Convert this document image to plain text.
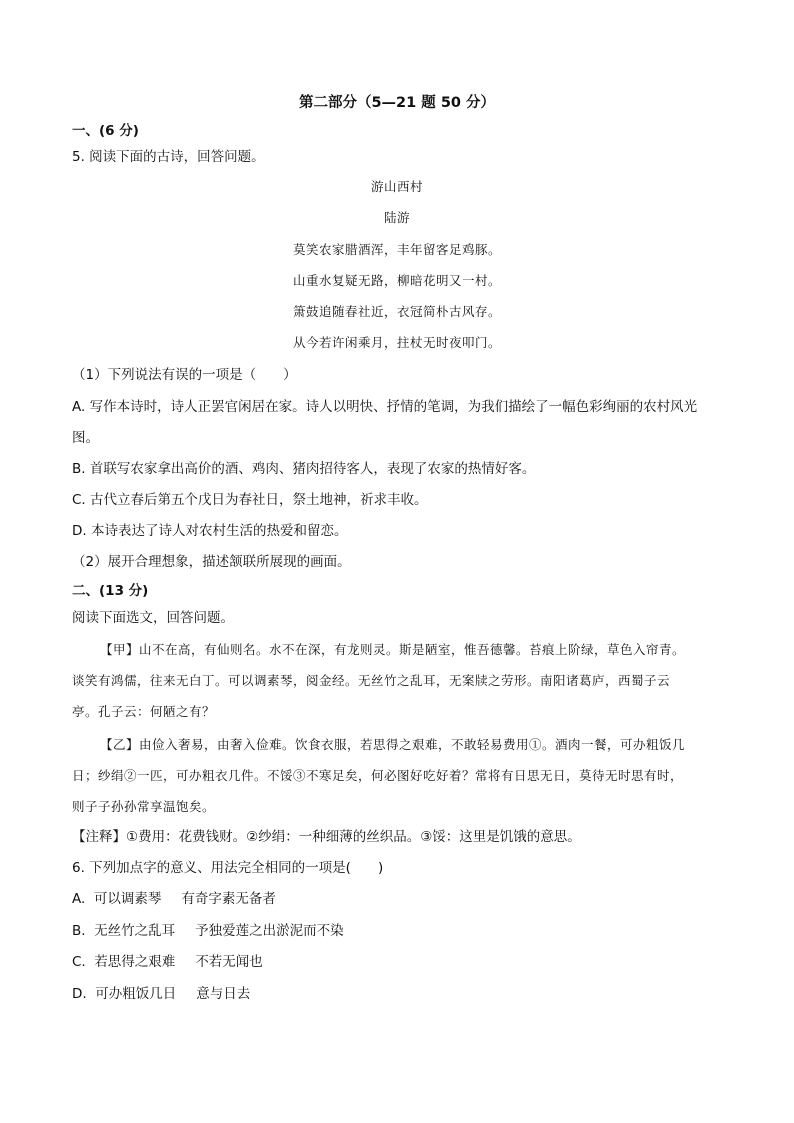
第二部分（5—21 题 50 分）
一、(6 分)
5. 阅读下面的古诗，回答问题。
游山西村
陆游
莫笑农家腊酒浑，丰年留客足鸡豚。
山重水复疑无路，柳暗花明又一村。
箫鼓追随春社近，衣冠简朴古风存。
从今若许闲乘月，拄杖无时夜叩门。
（1）下列说法有误的一项是（　　）
A. 写作本诗时，诗人正罢官闲居在家。诗人以明快、抒情的笔调，为我们描绘了一幅色彩绚丽的农村风光
图。
B. 首联写农家拿出高价的酒、鸡肉、猪肉招待客人，表现了农家的热情好客。
C. 古代立春后第五个戊日为春社日，祭土地神，祈求丰收。
D. 本诗表达了诗人对农村生活的热爱和留恋。
（2）展开合理想象，描述颔联所展现的画面。
二、(13 分)
阅读下面选文，回答问题。
【甲】山不在高，有仙则名。水不在深，有龙则灵。斯是陋室，惟吾德馨。苔痕上阶绿，草色入帘青。
谈笑有鸿儒，往来无白丁。可以调素琴，阅金经。无丝竹之乱耳，无案牍之劳形。南阳诸葛庐，西蜀子云
亭。孔子云：何陋之有？
【乙】由俭入奢易，由奢入俭难。饮食衣服，若思得之艰难，不敢轻易费用①。酒肉一餐，可办粗饭几
日；纱绢②一匹，可办粗衣几件。不馁③不寒足矣，何必图好吃好着？常将有日思无日，莫待无时思有时，
则子子孙孙常享温饱矣。
【注释】①费用：花费钱财。②纱绢：一种细薄的丝织品。③馁：这里是饥饿的意思。
6. 下列加点字的意义、用法完全相同的一项是(　　)
A. 可以调素琴 有奇字素无备者
B. 无丝竹之乱耳 予独爱莲之出淤泥而不染
C. 若思得之艰难 不若无闻也
D. 可办粗饭几日 意与日去
